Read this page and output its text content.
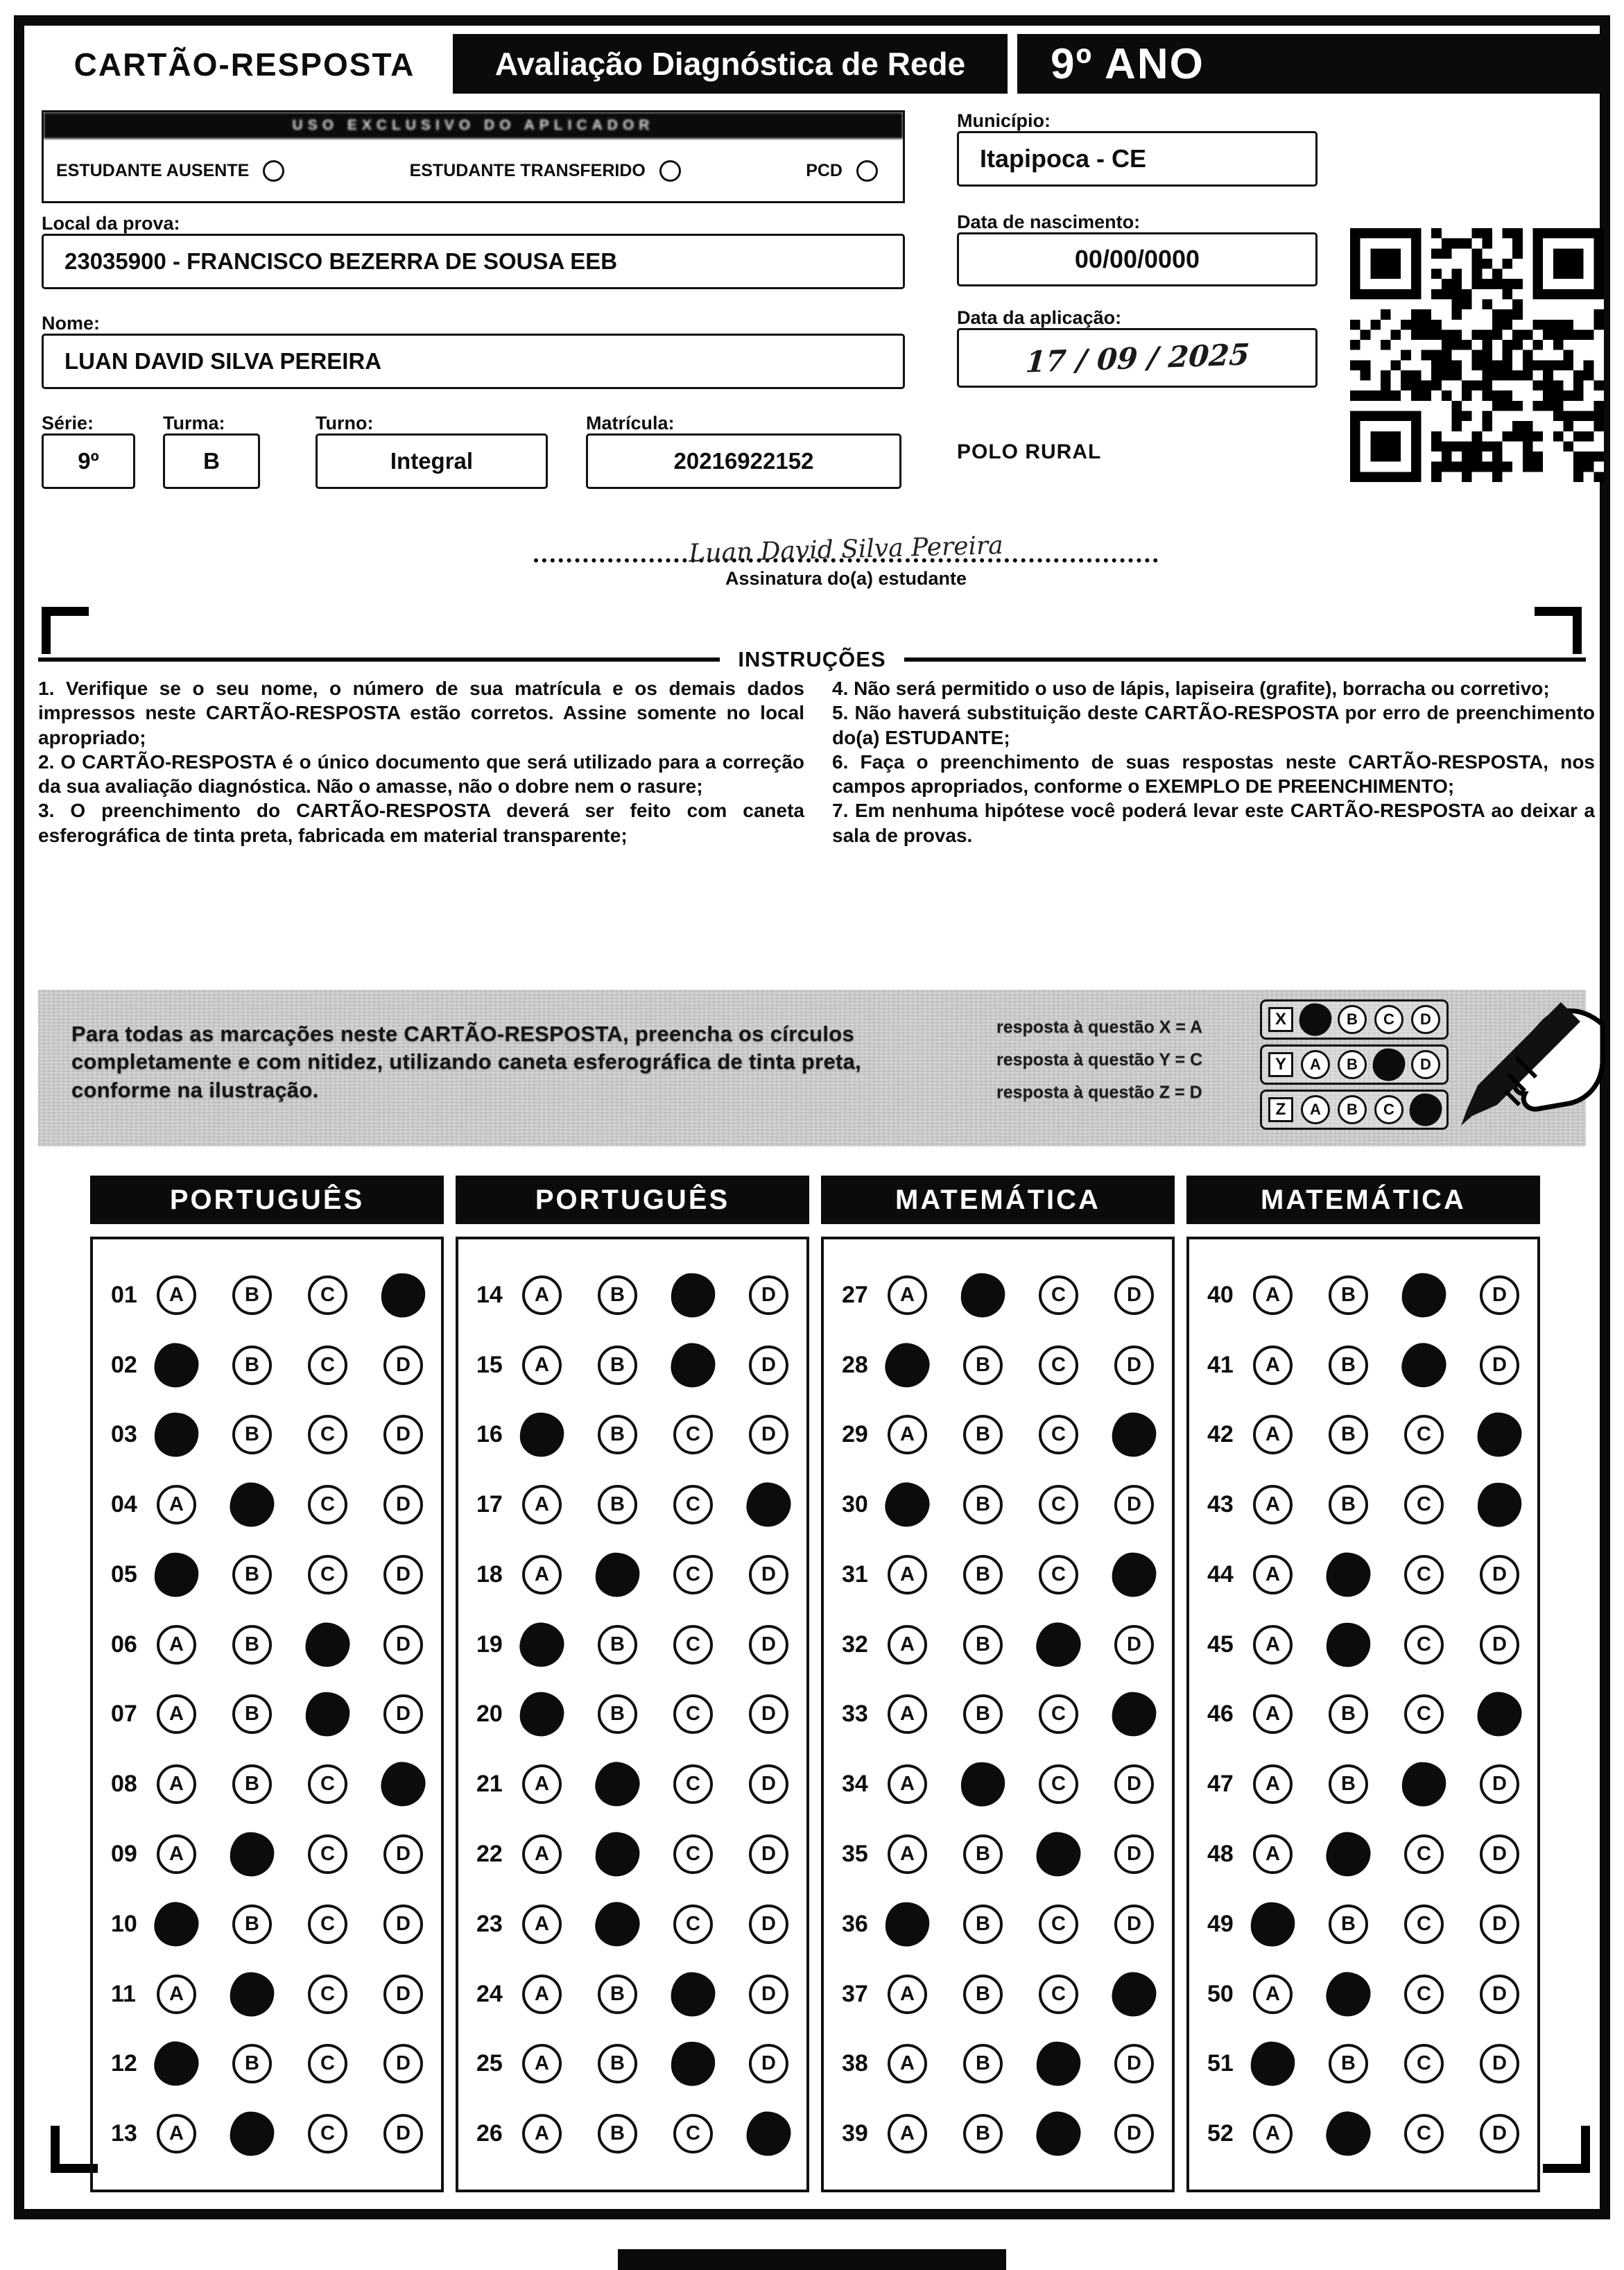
CARTÃO-RESPOSTA	Avaliação Diagnóstica de Rede	9º ANO
USO EXCLUSIVO DO APLICADOR
ESTUDANTE AUSENTE	ESTUDANTE TRANSFERIDO	PCD
Local da prova:
23035900 - FRANCISCO BEZERRA DE SOUSA EEB
Nome:
LUAN DAVID SILVA PEREIRA
Série:	Turma:	Turno:	Matrícula:
9º	B	Integral	20216922152
Município:
Itapipoca - CE
Data de nascimento:
00/00/0000
Data da aplicação:
17 / 09 / 2025
POLO RURAL
Luan David Silva Pereira
Assinatura do(a) estudante
INSTRUÇÕES

1. Verifique se o seu nome, o número de sua matrícula e os demais dados impressos neste CARTÃO-RESPOSTA estão corretos. Assine somente no local apropriado;

2. O CARTÃO-RESPOSTA é o único documento que será utilizado para a correção da sua avaliação diagnóstica. Não o amasse, não o dobre nem o rasure;

3. O preenchimento do CARTÃO-RESPOSTA deverá ser feito com caneta esferográfica de tinta preta, fabricada em material transparente;

4. Não será permitido o uso de lápis, lapiseira (grafite), borracha ou corretivo;

5. Não haverá substituição deste CARTÃO-RESPOSTA por erro de preenchimento do(a) ESTUDANTE;

6. Faça o preenchimento de suas respostas neste CARTÃO-RESPOSTA, nos campos apropriados, conforme o EXEMPLO DE PREENCHIMENTO;

7. Em nenhuma hipótese você poderá levar este CARTÃO-RESPOSTA ao deixar a sala de provas.

Para todas as marcações neste CARTÃO-RESPOSTA, preencha os círculos completamente e com nitidez, utilizando caneta esferográfica de tinta preta, conforme na ilustração.
resposta à questão X = A
resposta à questão Y = C
resposta à questão Z = D
X	A	B	C	D
Y	A	B	C	D
Z	A	B	C	D
PORTUGUÊS
01	A	B	C	D
02	A	B	C	D
03	A	B	C	D
04	A	B	C	D
05	A	B	C	D
06	A	B	C	D
07	A	B	C	D
08	A	B	C	D
09	A	B	C	D
10	A	B	C	D
11	A	B	C	D
12	A	B	C	D
13	A	B	C	D
PORTUGUÊS
14	A	B	C	D
15	A	B	C	D
16	A	B	C	D
17	A	B	C	D
18	A	B	C	D
19	A	B	C	D
20	A	B	C	D
21	A	B	C	D
22	A	B	C	D
23	A	B	C	D
24	A	B	C	D
25	A	B	C	D
26	A	B	C	D
MATEMÁTICA
27	A	B	C	D
28	A	B	C	D
29	A	B	C	D
30	A	B	C	D
31	A	B	C	D
32	A	B	C	D
33	A	B	C	D
34	A	B	C	D
35	A	B	C	D
36	A	B	C	D
37	A	B	C	D
38	A	B	C	D
39	A	B	C	D
MATEMÁTICA
40	A	B	C	D
41	A	B	C	D
42	A	B	C	D
43	A	B	C	D
44	A	B	C	D
45	A	B	C	D
46	A	B	C	D
47	A	B	C	D
48	A	B	C	D
49	A	B	C	D
50	A	B	C	D
51	A	B	C	D
52	A	B	C	D
